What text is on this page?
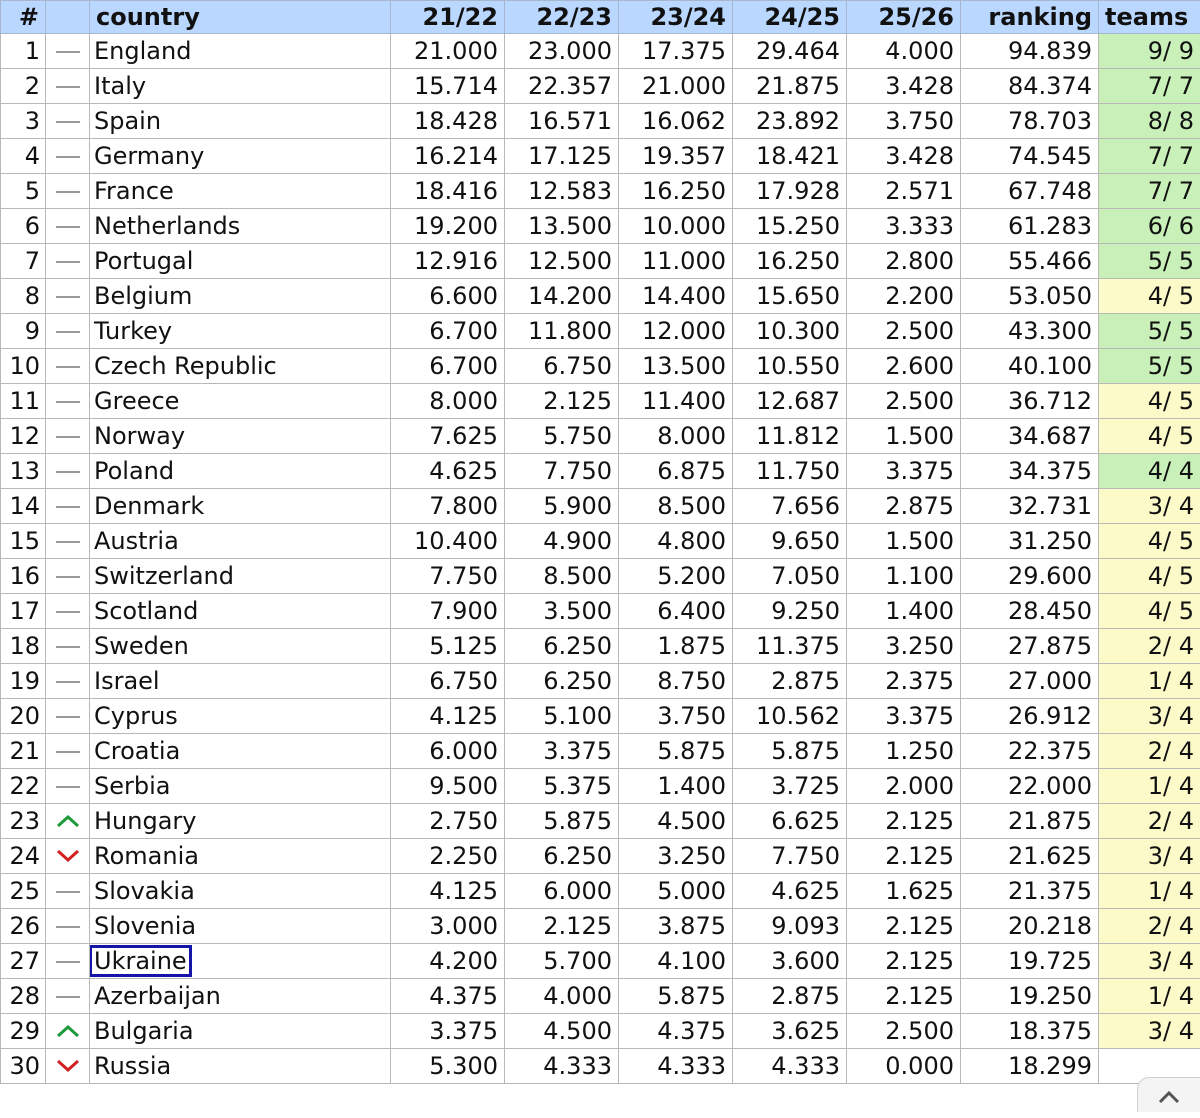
#		country	21/22	22/23	23/24	24/25	25/26	ranking	teams
1		England	21.000	23.000	17.375	29.464	4.000	94.839	9/ 9
2		Italy	15.714	22.357	21.000	21.875	3.428	84.374	7/ 7
3		Spain	18.428	16.571	16.062	23.892	3.750	78.703	8/ 8
4		Germany	16.214	17.125	19.357	18.421	3.428	74.545	7/ 7
5		France	18.416	12.583	16.250	17.928	2.571	67.748	7/ 7
6		Netherlands	19.200	13.500	10.000	15.250	3.333	61.283	6/ 6
7		Portugal	12.916	12.500	11.000	16.250	2.800	55.466	5/ 5
8		Belgium	6.600	14.200	14.400	15.650	2.200	53.050	4/ 5
9		Turkey	6.700	11.800	12.000	10.300	2.500	43.300	5/ 5
10		Czech Republic	6.700	6.750	13.500	10.550	2.600	40.100	5/ 5
11		Greece	8.000	2.125	11.400	12.687	2.500	36.712	4/ 5
12		Norway	7.625	5.750	8.000	11.812	1.500	34.687	4/ 5
13		Poland	4.625	7.750	6.875	11.750	3.375	34.375	4/ 4
14		Denmark	7.800	5.900	8.500	7.656	2.875	32.731	3/ 4
15		Austria	10.400	4.900	4.800	9.650	1.500	31.250	4/ 5
16		Switzerland	7.750	8.500	5.200	7.050	1.100	29.600	4/ 5
17		Scotland	7.900	3.500	6.400	9.250	1.400	28.450	4/ 5
18		Sweden	5.125	6.250	1.875	11.375	3.250	27.875	2/ 4
19		Israel	6.750	6.250	8.750	2.875	2.375	27.000	1/ 4
20		Cyprus	4.125	5.100	3.750	10.562	3.375	26.912	3/ 4
21		Croatia	6.000	3.375	5.875	5.875	1.250	22.375	2/ 4
22		Serbia	9.500	5.375	1.400	3.725	2.000	22.000	1/ 4
23		Hungary	2.750	5.875	4.500	6.625	2.125	21.875	2/ 4
24		Romania	2.250	6.250	3.250	7.750	2.125	21.625	3/ 4
25		Slovakia	4.125	6.000	5.000	4.625	1.625	21.375	1/ 4
26		Slovenia	3.000	2.125	3.875	9.093	2.125	20.218	2/ 4
27		Ukraine	4.200	5.700	4.100	3.600	2.125	19.725	3/ 4
28		Azerbaijan	4.375	4.000	5.875	2.875	2.125	19.250	1/ 4
29		Bulgaria	3.375	4.500	4.375	3.625	2.500	18.375	3/ 4
30		Russia	5.300	4.333	4.333	4.333	0.000	18.299	
